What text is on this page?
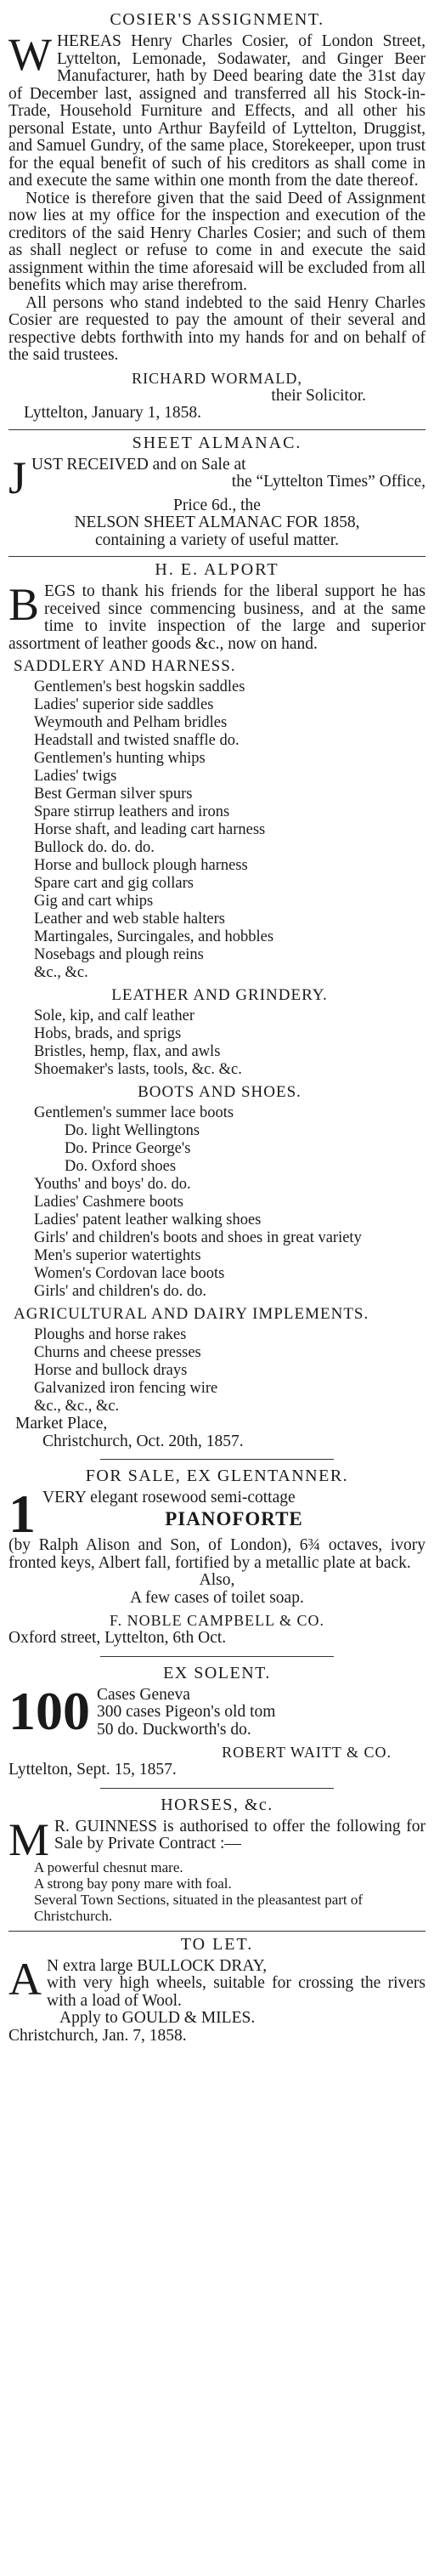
COSIER'S ASSIGNMENT.
W HEREAS Henry Charles Cosier, of London Street, Lyttelton, Lemonade, Sodawater, and Ginger Beer Manufacturer, hath by Deed bearing date the 31st day of December last, assigned and transferred all his Stock-in-Trade, Household Furniture and Effects, and all other his personal Estate, unto Arthur Bayfeild of Lyttelton, Druggist, and Samuel Gundry, of the same place, Storekeeper, upon trust for the equal benefit of such of his creditors as shall come in and execute the same within one month from the date thereof.

Notice is therefore given that the said Deed of Assignment now lies at my office for the inspection and execution of the creditors of the said Henry Charles Cosier; and such of them as shall neglect or refuse to come in and execute the said assignment within the time aforesaid will be excluded from all benefits which may arise therefrom.

All persons who stand indebted to the said Henry Charles Cosier are requested to pay the amount of their several and respective debts forthwith into my hands for and on behalf of the said trustees.

RICHARD WORMALD,

their Solicitor.

Lyttelton, January 1, 1858.

SHEET ALMANAC.
J UST RECEIVED and on Sale at

the “Lyttelton Times” Office,

Price 6d., the

NELSON SHEET ALMANAC FOR 1858,

containing a variety of useful matter.

H. E. ALPORT
B EGS to thank his friends for the liberal support he has received since commencing business, and at the same time to invite inspection of the large and superior assortment of leather goods &c., now on hand.

SADDLERY AND HARNESS.

Gentlemen's best hogskin saddles

Ladies' superior side saddles

Weymouth and Pelham bridles

Headstall and twisted snaffle do.

Gentlemen's hunting whips

Ladies' twigs

Best German silver spurs

Spare stirrup leathers and irons

Horse shaft, and leading cart harness

Bullock do. do. do.

Horse and bullock plough harness

Spare cart and gig collars

Gig and cart whips

Leather and web stable halters

Martingales, Surcingales, and hobbles

Nosebags and plough reins

&c., &c.

LEATHER AND GRINDERY.

Sole, kip, and calf leather

Hobs, brads, and sprigs

Bristles, hemp, flax, and awls

Shoemaker's lasts, tools, &c. &c.

BOOTS AND SHOES.

Gentlemen's summer lace boots

Do. light Wellingtons

Do. Prince George's

Do. Oxford shoes

Youths' and boys' do. do.

Ladies' Cashmere boots

Ladies' patent leather walking shoes

Girls' and children's boots and shoes in great variety

Men's superior watertights

Women's Cordovan lace boots

Girls' and children's do. do.

AGRICULTURAL AND DAIRY IMPLEMENTS.

Ploughs and horse rakes

Churns and cheese presses

Horse and bullock drays

Galvanized iron fencing wire

&c., &c., &c.

Market Place,

Christchurch, Oct. 20th, 1857.

FOR SALE, EX GLENTANNER.
1 VERY elegant rosewood semi-cottage

PIANOFORTE

(by Ralph Alison and Son, of London), 6¾ octaves, ivory fronted keys, Albert fall, fortified by a metallic plate at back.

Also,

A few cases of toilet soap.

F. NOBLE CAMPBELL & CO.

Oxford street, Lyttelton, 6th Oct.

EX SOLENT.
100 Cases Geneva

300 cases Pigeon's old tom

50 do. Duckworth's do.

ROBERT WAITT & CO.

Lyttelton, Sept. 15, 1857.

HORSES, &c.
M R. GUINNESS is authorised to offer the following for Sale by Private Contract :—

A powerful chesnut mare.

A strong bay pony mare with foal.

Several Town Sections, situated in the pleasantest part of Christchurch.

TO LET.
A N extra large BULLOCK DRAY,

with very high wheels, suitable for crossing the rivers with a load of Wool.

Apply to GOULD & MILES.

Christchurch, Jan. 7, 1858.
